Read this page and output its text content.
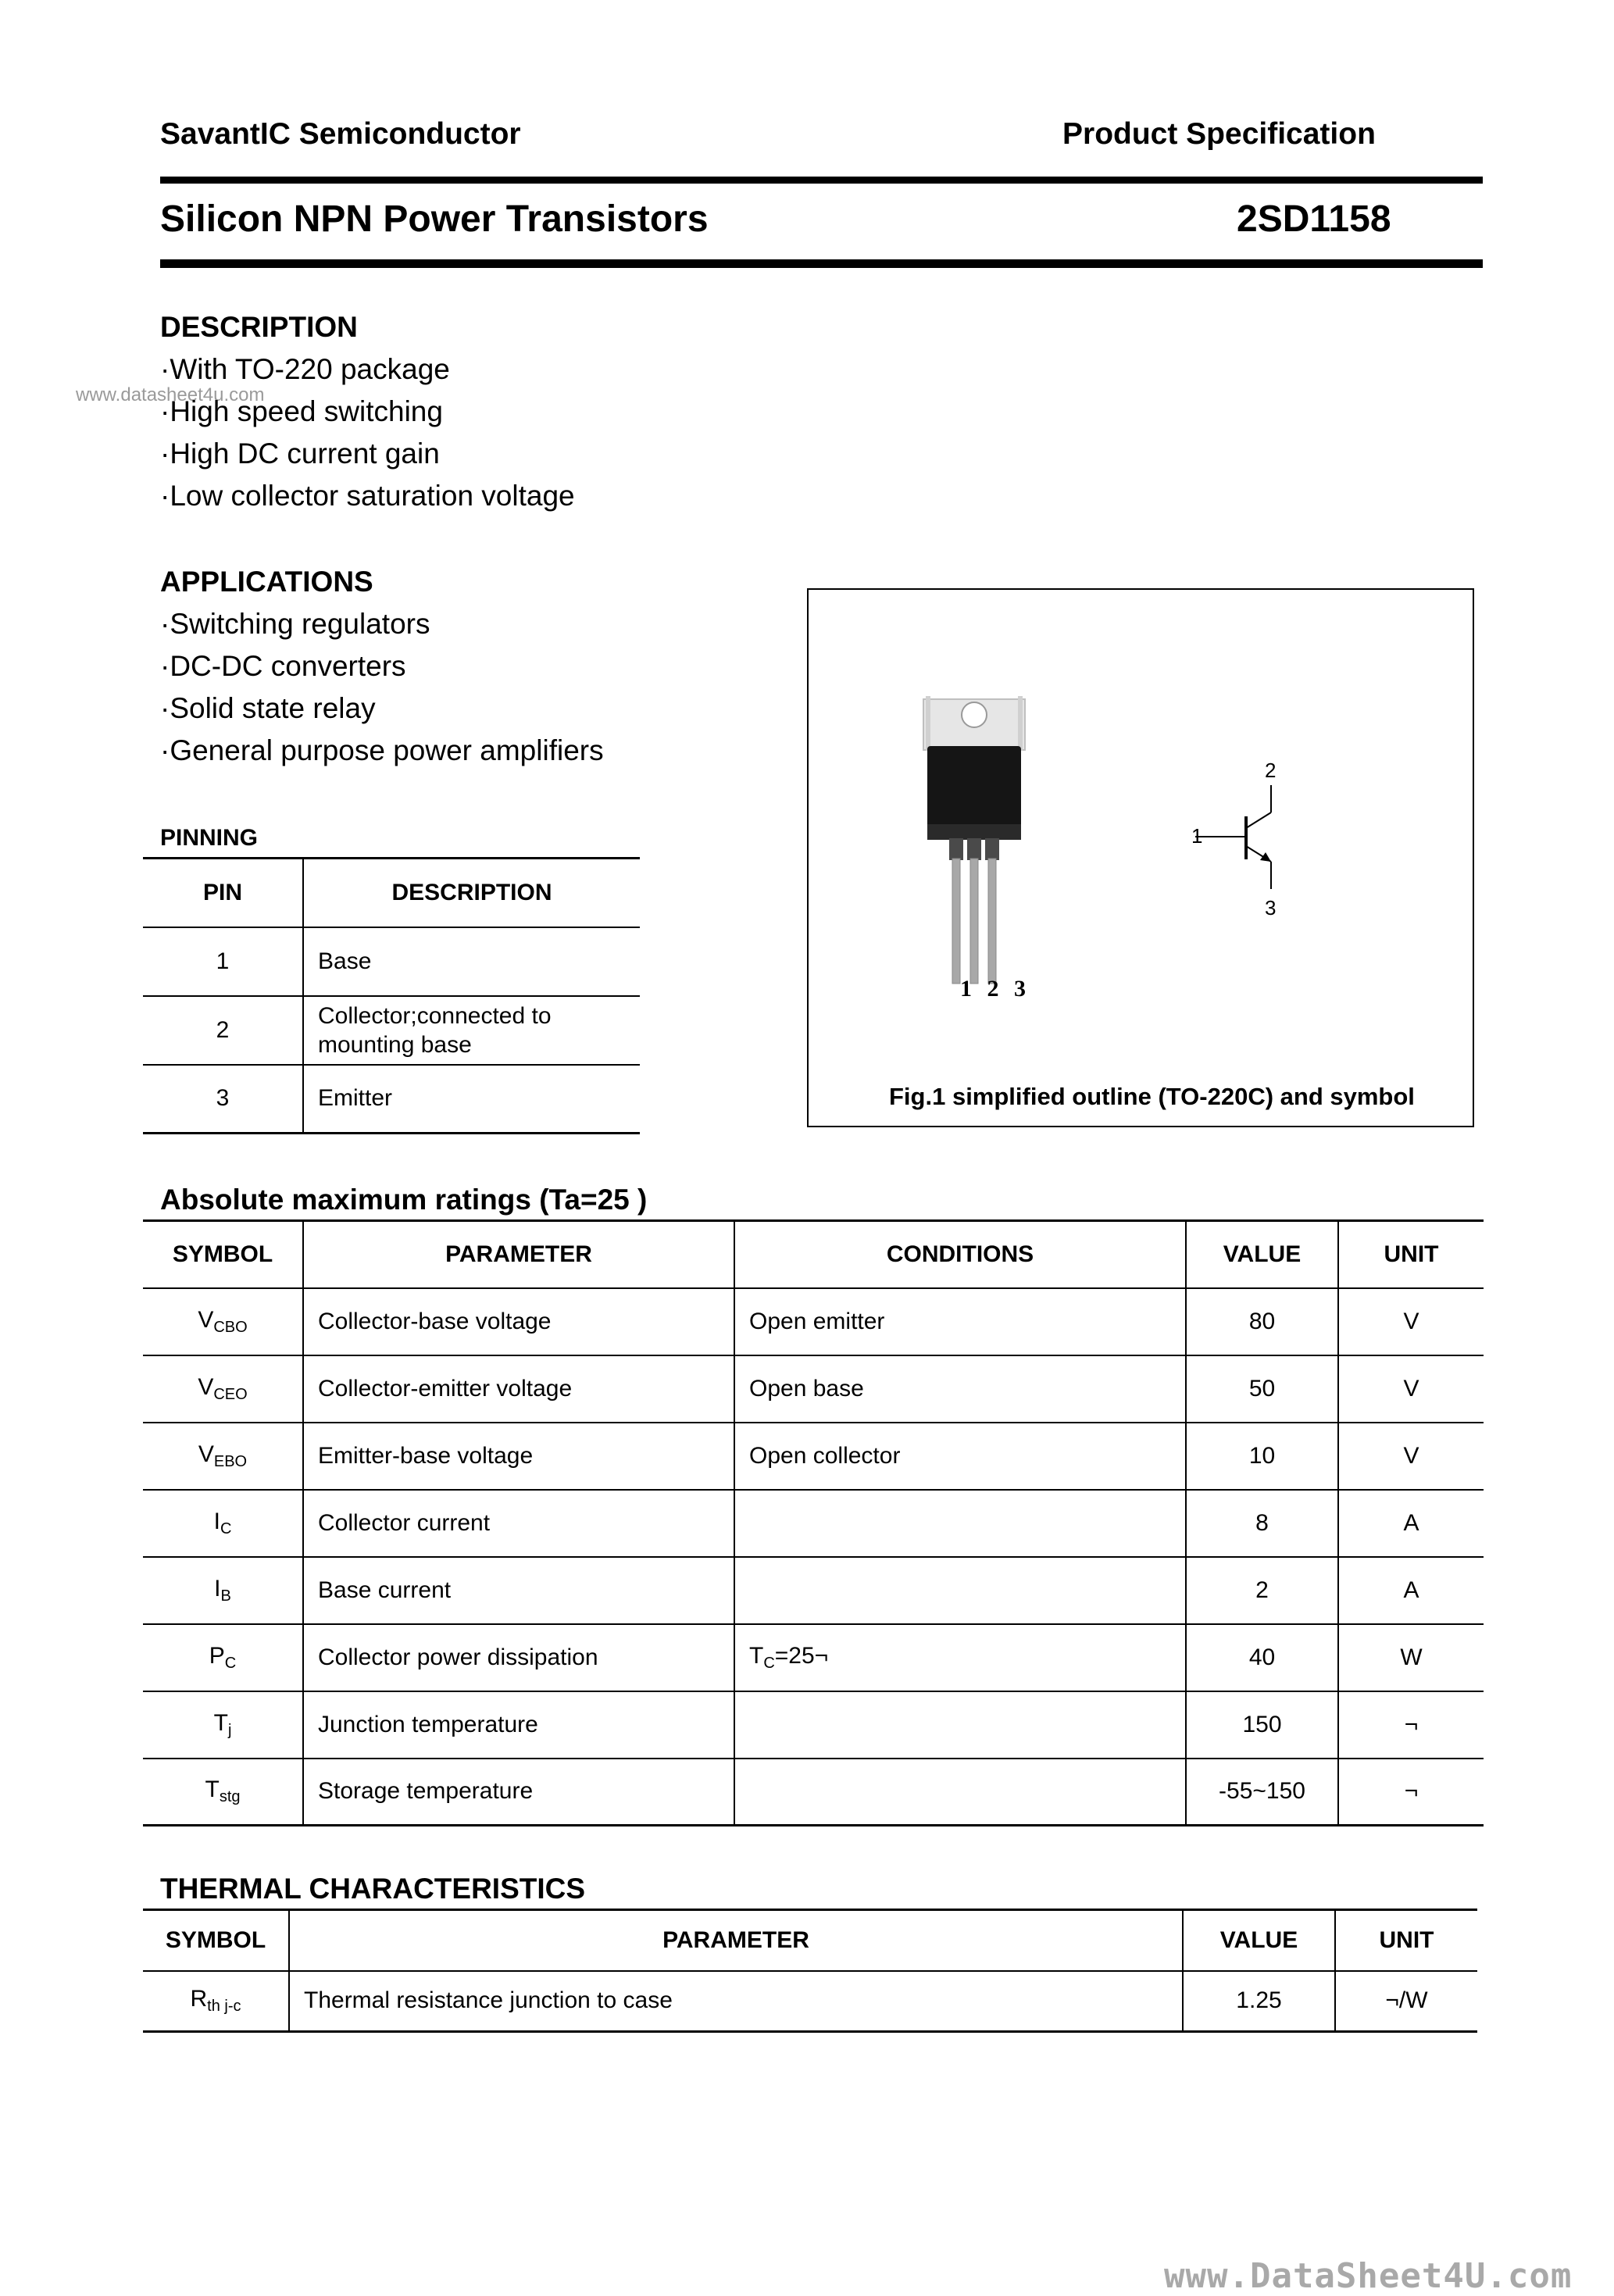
SavantIC Semiconductor	Product Specification
Silicon NPN Power Transistors	2SD1158
www.datasheet4u.com
DESCRIPTION
·With TO-220 package
·High speed switching
·High DC current gain
·Low collector saturation voltage
APPLICATIONS
·Switching regulators
·DC-DC converters
·Solid state relay
·General purpose power amplifiers
PINNING
PIN	DESCRIPTION
1	Base
2	Collector;connected to mounting base
3	Emitter
1 2 3
1
2
3
Fig.1 simplified outline (TO-220C) and symbol
Absolute maximum ratings (Ta=25 )
SYMBOL	PARAMETER	CONDITIONS	VALUE	UNIT
$V_{CBO}$	Collector-base voltage	Open emitter	80	V
$V_{CEO}$	Collector-emitter voltage	Open base	50	V
$V_{EBO}$	Emitter-base voltage	Open collector	10	V
$I_C$	Collector current		8	A
$I_B$	Base current		2	A
$P_C$	Collector power dissipation	$T_C=25\neg$	40	W
$T_j$	Junction temperature		150	¬
$T_{stg}$	Storage temperature		-55~150	¬
THERMAL CHARACTERISTICS
SYMBOL	PARAMETER	VALUE	UNIT
$R_{th j-c}$	Thermal resistance junction to case	1.25	¬/W
www.DataSheet4U.com
